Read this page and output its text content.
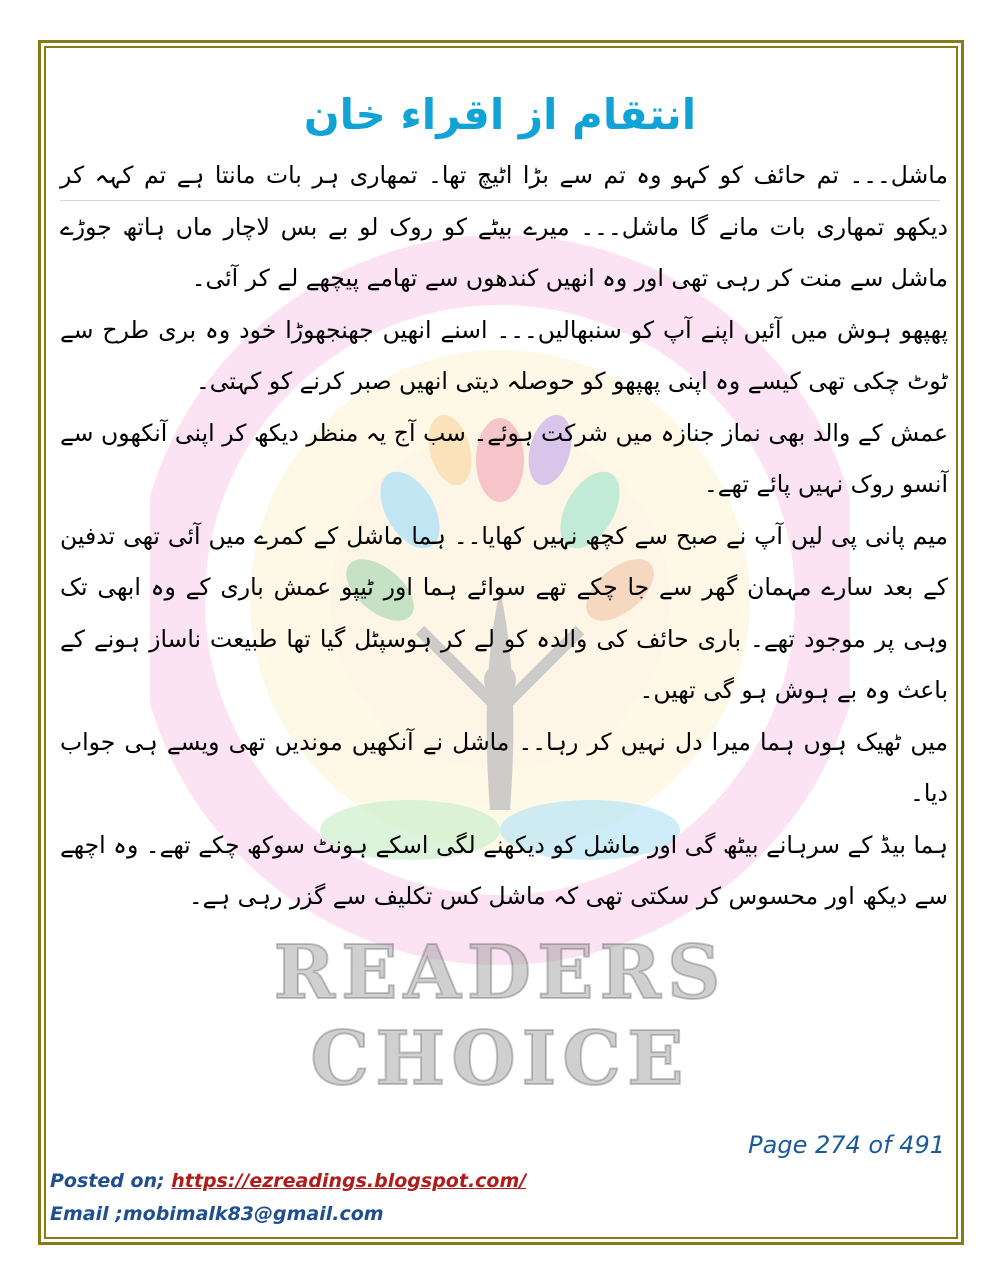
READERS CHOICE
انتقام از اقراء خان

ماشل۔۔۔ تم حائف کو کہو وہ تم سے بڑا اٹیچ تھا۔ تمھاری ہر بات مانتا ہے تم کہہ کر دیکھو تمھاری بات مانے گا ماشل۔۔۔ میرے بیٹے کو روک لو بے بس لاچار ماں ہاتھ جوڑے ماشل سے منت کر رہی تھی اور وہ انھیں کندھوں سے تھامے پیچھے لے کر آئی۔

پھپھو ہوش میں آئیں اپنے آپ کو سنبھالیں۔۔۔ اسنے انھیں جھنجھوڑا خود وہ بری طرح سے ٹوٹ چکی تھی کیسے وہ اپنی پھپھو کو حوصلہ دیتی انھیں صبر کرنے کو کہتی۔

عمش کے والد بھی نماز جنازہ میں شرکت ہوئے۔ سب آج یہ منظر دیکھ کر اپنی آنکھوں سے آنسو روک نہیں پائے تھے۔

میم پانی پی لیں آپ نے صبح سے کچھ نہیں کھایا۔۔ ہما ماشل کے کمرے میں آئی تھی تدفین کے بعد سارے مہمان گھر سے جا چکے تھے سوائے ہما اور ٹیپو عمش باری کے وہ ابھی تک وہی پر موجود تھے۔ باری حائف کی والدہ کو لے کر ہوسپٹل گیا تھا طبیعت ناساز ہونے کے باعث وہ بے ہوش ہو گی تھیں۔

میں ٹھیک ہوں ہما میرا دل نہیں کر رہا۔۔ ماشل نے آنکھیں موندیں تھی ویسے ہی جواب دیا۔

ہما بیڈ کے سرہانے بیٹھ گی اور ماشل کو دیکھنے لگی اسکے ہونٹ سوکھ چکے تھے۔ وہ اچھے سے دیکھ اور محسوس کر سکتی تھی کہ ماشل کس تکلیف سے گزر رہی ہے۔

Page 274 of 491
Posted on; https://ezreadings.blogspot.com/
Email ;mobimalk83@gmail.com
